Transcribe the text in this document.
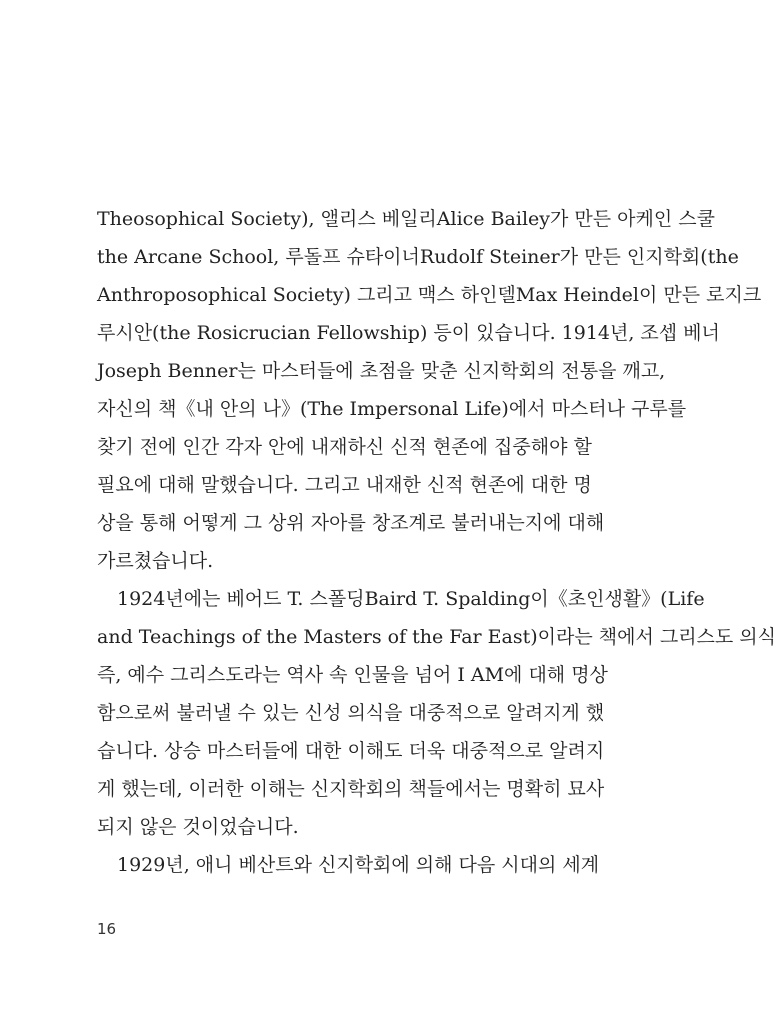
Theosophical Society), 앨리스 베일리Alice Bailey가 만든 아케인 스쿨
the Arcane School, 루돌프 슈타이너Rudolf Steiner가 만든 인지학회(the
Anthroposophical Society) 그리고 맥스 하인델Max Heindel이 만든 로지크
루시안(the Rosicrucian Fellowship) 등이 있습니다. 1914년, 조셉 베너
Joseph Benner는 마스터들에 초점을 맞춘 신지학회의 전통을 깨고,
자신의 책《내 안의 나》(The Impersonal Life)에서 마스터나 구루를
찾기 전에 인간 각자 안에 내재하신 신적 현존에 집중해야 할
필요에 대해 말했습니다. 그리고 내재한 신적 현존에 대한 명
상을 통해 어떻게 그 상위 자아를 창조계로 불러내는지에 대해
가르쳤습니다.
1924년에는 베어드 T. 스폴딩Baird T. Spalding이《초인생활》(Life
and Teachings of the Masters of the Far East)이라는 책에서 그리스도 의식
즉, 예수 그리스도라는 역사 속 인물을 넘어 I AM에 대해 명상
함으로써 불러낼 수 있는 신성 의식을 대중적으로 알려지게 했
습니다. 상승 마스터들에 대한 이해도 더욱 대중적으로 알려지
게 했는데, 이러한 이해는 신지학회의 책들에서는 명확히 묘사
되지 않은 것이었습니다.
1929년, 애니 베산트와 신지학회에 의해 다음 시대의 세계
16
